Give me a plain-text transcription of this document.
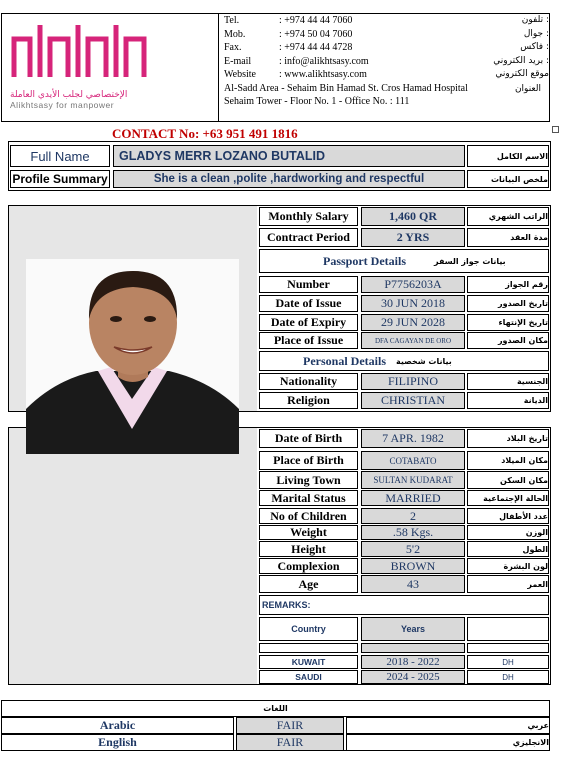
الإختصاصي لجلب الأيدي العاملة
Alikhtsasy for manpower
Tel.	: +974 44 44 7060	تلفون :
Mob.	: +974 50 04 7060	جوال :
Fax.	: +974 44 44 4728	فاكس :
E-mail	: info@alikhtsasy.com	بريد الكتروني :
Website : www.alikhtsasy.com	موقع الكتروني
Al-Sadd Area - Sehaim Bin Hamad St. Cros Hamad Hospital
Sehaim Tower - Floor No. 1 - Office No. : 111
العنوان
CONTACT No: +63 951 491 1816
Full Name	GLADYS MERR LOZANO BUTALID	الاسم الكامل
Profile Summary	She is a clean ,polite ,hardworking and respectful	ملخص البيانات
Monthly Salary	1,460 QR	الراتب الشهري
Contract Period	2 YRS	مدة العقد
Passport Details	بيانات جواز السفر
Number	P7756203A	رقم الجواز
Date of Issue	30 JUN 2018	تاريخ الصدور
Date of Expiry	29 JUN 2028	تاريخ الإنتهاء
Place of Issue	DFA CAGAYAN DE ORO	مكان الصدور
Personal Details بيانات شخصية
Nationality	FILIPINO	الجنسية
Religion	CHRISTIAN	الديانة
Date of Birth	7 APR. 1982	تاريخ البلاد
Place of Birth	COTABATO	مكان الميلاد
Living Town	SULTAN KUDARAT	مكان السكن
Marital Status	MARRIED	الحالة الإجتماعية
No of Children	2	عدد الأطفال
Weight	.58 Kgs.	الوزن
Height	5'2	الطول
Complexion	BROWN	لون البشرة
Age	43	العمر
REMARKS:
Country	Years
KUWAIT	2018 - 2022	DH
SAUDI	2024 - 2025	DH
اللغات
Arabic	FAIR	عربي
English	FAIR	الانجليزي
